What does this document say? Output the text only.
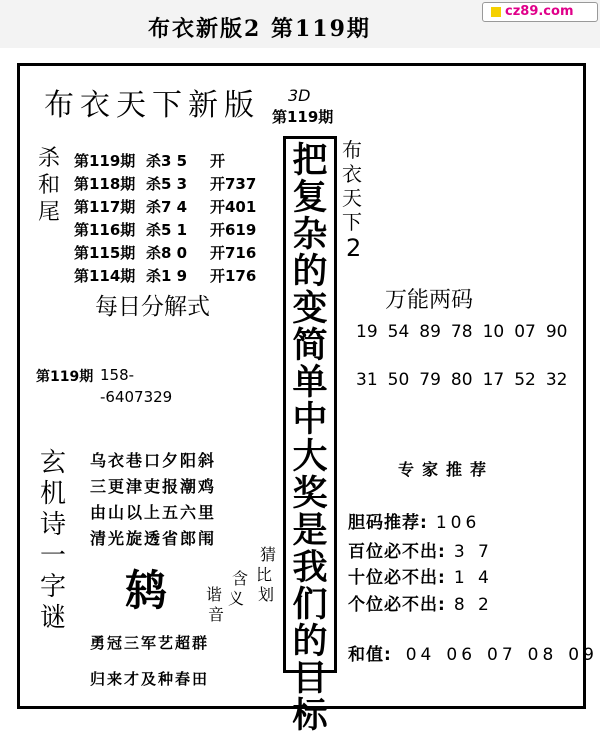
布衣新版2 第119期
cz89.com
布衣天下新版 3D
第119期
杀和尾
第119期 杀3 5 开
第118期 杀5 3 开737
第117期 杀7 4 开401
第116期 杀5 1 开619
第115期 杀8 0 开716
第114期 杀1 9 开176
每日分解式
第119期 158-
-6407329
玄机诗一字谜
乌衣巷口夕阳斜
三更津吏报潮鸡
由山以上五六里
清光旋透省郎闱
鸫
猜
比
划
含
义
谐
音
勇冠三军艺超群
归来才及种春田
把复杂的变简单中大奖是我们的目标
布衣天下
2
万能两码
19 54 89 78 10 07 90
31 50 79 80 17 52 32
专家推荐
胆码推荐: 106
百位必不出: 3 7
十位必不出: 1 4
个位必不出: 8 2
和值: 04 06 07 08 09
